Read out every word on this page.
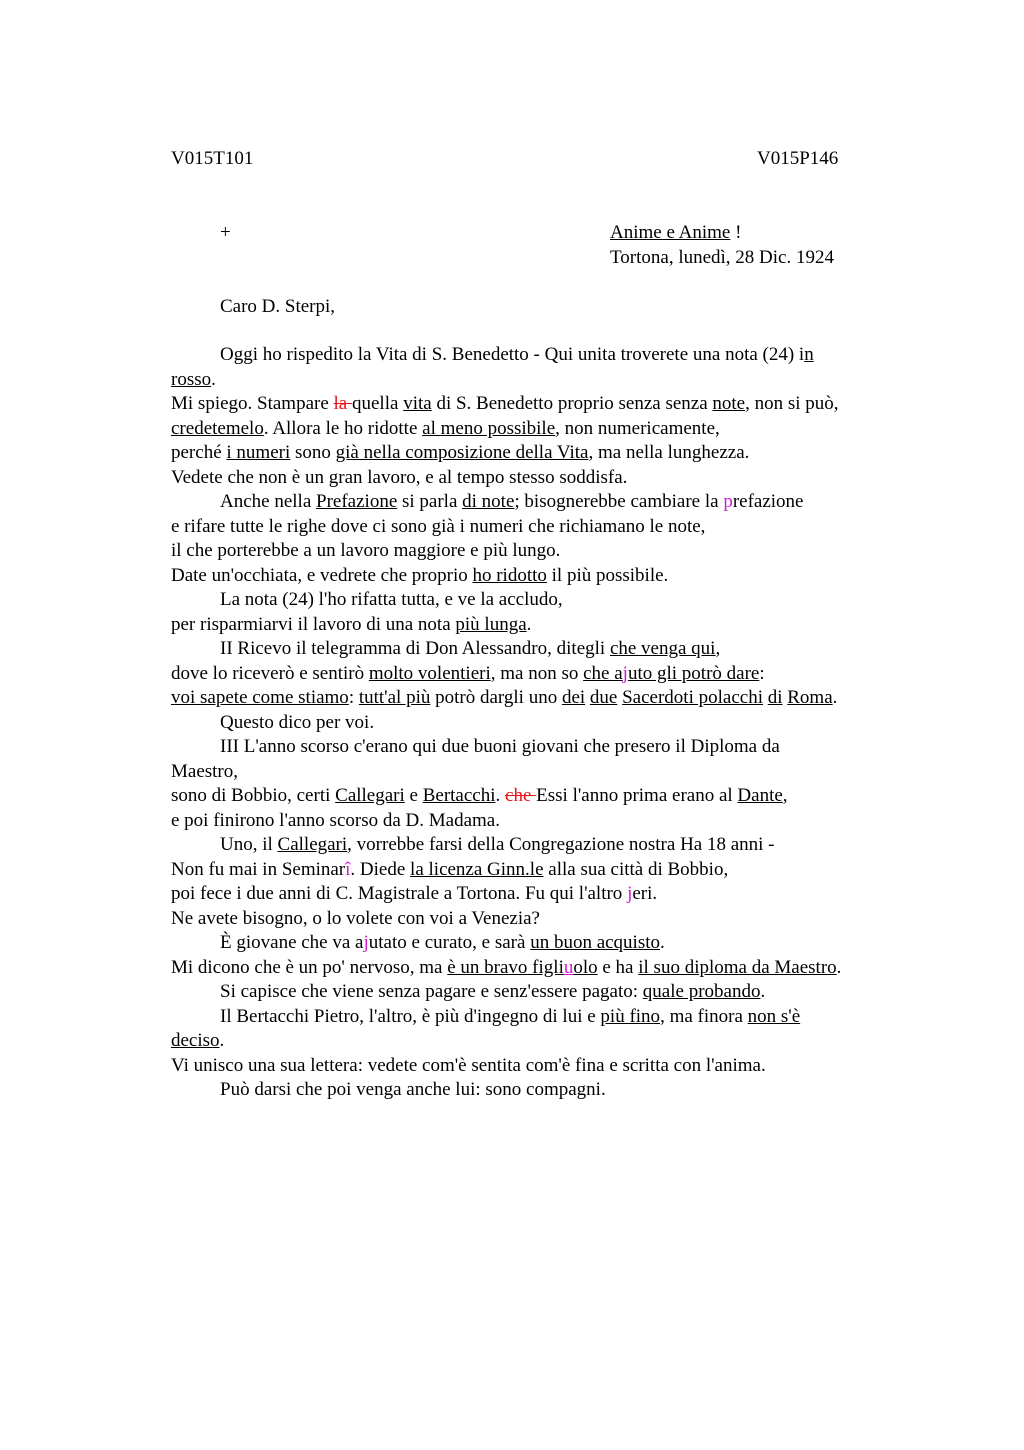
V015T101	V015P146
+	Anime e Anime !
Tortona, lunedì, 28 Dic. 1924
Caro D. Sterpi,
Oggi ho rispedito la Vita di S. Benedetto - Qui unita troverete una nota (24) in
rosso.
Mi spiego. Stampare la quella vita di S. Benedetto proprio senza senza note, non si può,
credetemelo. Allora le ho ridotte al meno possibile, non numericamente,
perché i numeri sono già nella composizione della Vita, ma nella lunghezza.
Vedete che non è un gran lavoro, e al tempo stesso soddisfa.
Anche nella Prefazione si parla di note; bisognerebbe cambiare la prefazione
e rifare tutte le righe dove ci sono già i numeri che richiamano le note,
il che porterebbe a un lavoro maggiore e più lungo.
Date un'occhiata, e vedrete che proprio ho ridotto il più possibile.
La nota (24) l'ho rifatta tutta, e ve la accludo,
per risparmiarvi il lavoro di una nota più lunga.
II Ricevo il telegramma di Don Alessandro, ditegli che venga qui,
dove lo riceverò e sentirò molto volentieri, ma non so che ajuto gli potrò dare:
voi sapete come stiamo: tutt'al più potrò dargli uno dei due Sacerdoti polacchi di Roma.
Questo dico per voi.
III L'anno scorso c'erano qui due buoni giovani che presero il Diploma da
Maestro,
sono di Bobbio, certi Callegari e Bertacchi. che Essi l'anno prima erano al Dante,
e poi finirono l'anno scorso da D. Madama.
Uno, il Callegari, vorrebbe farsi della Congregazione nostra Ha 18 anni -
Non fu mai in Seminarî. Diede la licenza Ginn.le alla sua città di Bobbio,
poi fece i due anni di C. Magistrale a Tortona. Fu qui l'altro jeri.
Ne avete bisogno, o lo volete con voi a Venezia?
È giovane che va ajutato e curato, e sarà un buon acquisto.
Mi dicono che è un po' nervoso, ma è un bravo figliuolo e ha il suo diploma da Maestro.
Si capisce che viene senza pagare e senz'essere pagato: quale probando.
Il Bertacchi Pietro, l'altro, è più d'ingegno di lui e più fino, ma finora non s'è
deciso.
Vi unisco una sua lettera: vedete com'è sentita com'è fina e scritta con l'anima.
Può darsi che poi venga anche lui: sono compagni.
